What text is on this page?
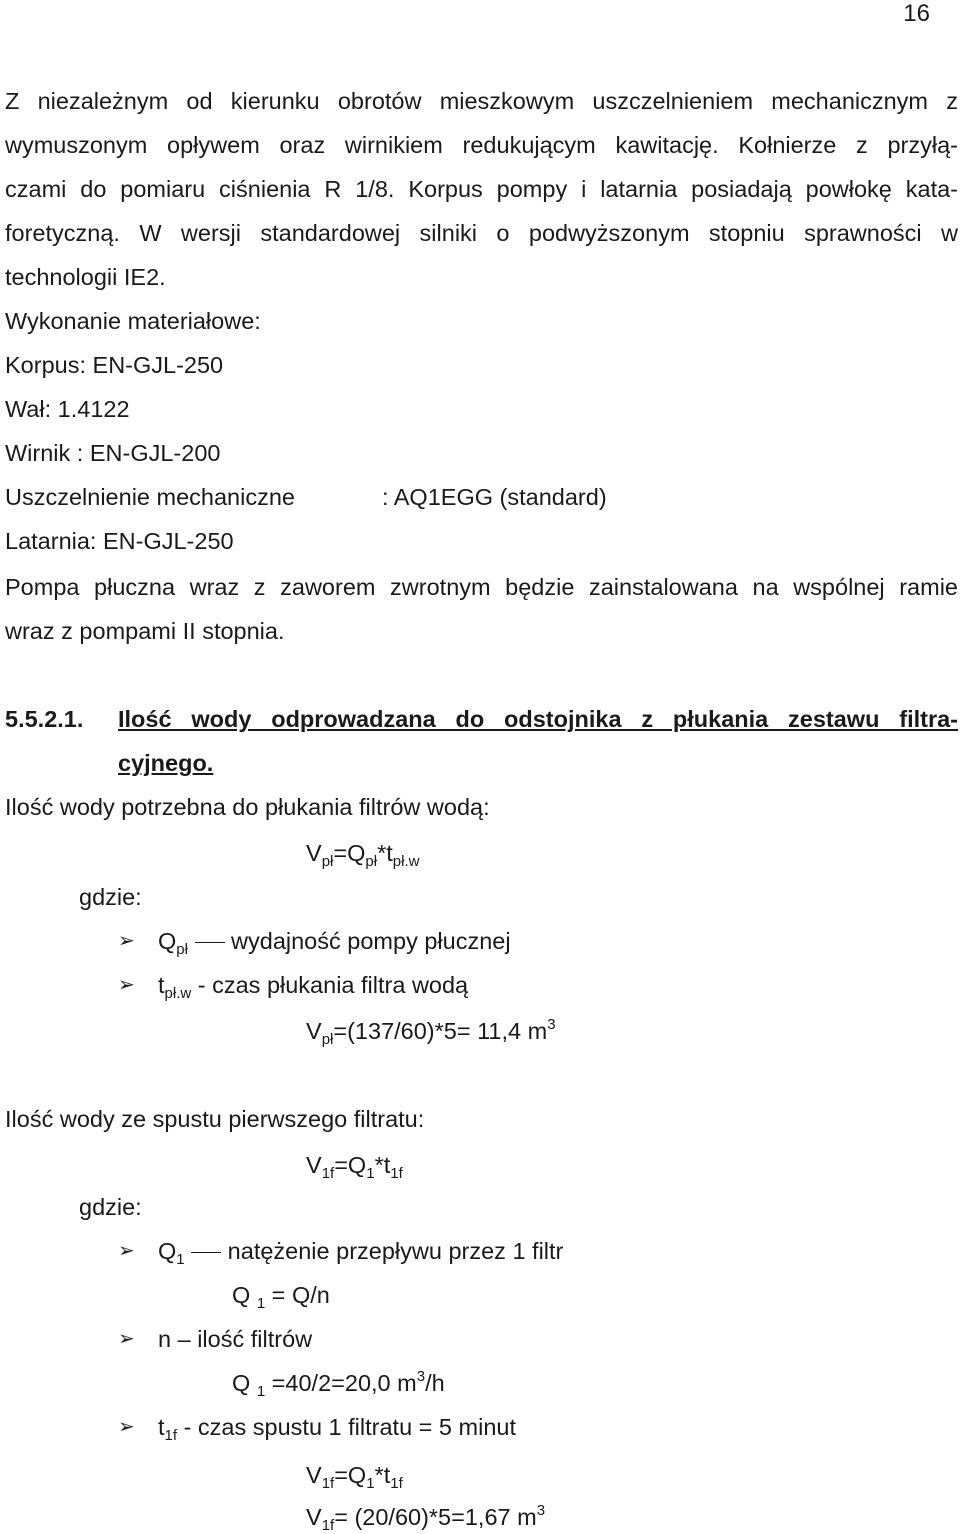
16
Z niezależnym od kierunku obrotów mieszkowym uszczelnieniem mechanicznym z
wymuszonym opływem oraz wirnikiem redukującym kawitację. Kołnierze z przyłą-
czami do pomiaru ciśnienia R 1/8. Korpus pompy i latarnia posiadają powłokę kata-
foretyczną. W wersji standardowej silniki o podwyższonym stopniu sprawności w
technologii IE2.
Wykonanie materiałowe:
Korpus: EN-GJL-250
Wał: 1.4122
Wirnik : EN-GJL-200
Uszczelnienie mechaniczne	: AQ1EGG (standard)
Latarnia: EN-GJL-250
Pompa płuczna wraz z zaworem zwrotnym będzie zainstalowana na wspólnej ramie
wraz z pompami II stopnia.
5.5.2.1. Ilość wody odprowadzana do odstojnika z płukania zestawu filtra-
cyjnego.
Ilość wody potrzebna do płukania filtrów wodą:
$V_{pł}=Q_{pł}*t_{pł.w}$
gdzie:
➢ $Q_{pł}$  wydajność pompy płucznej
➢ $t_{pł.w}$ - czas płukania filtra wodą
$V_{pł}=(137/60)*5= 11,4$ $m^3$
Ilość wody ze spustu pierwszego filtratu:
$V_{1f}=Q_1*t_{1f}$
gdzie:
➢ $Q_1$  natężenie przepływu przez 1 filtr
Q $_1$ = Q/n
➢ n – ilość filtrów
Q $_1$ =40/2=20,0 $m^3/h$
➢ $t_{1f}$ - czas spustu 1 filtratu = 5 minut
$V_{1f}=Q_1*t_{1f}$
$V_{1f}= (20/60)*5=1,67$ $m^3$
